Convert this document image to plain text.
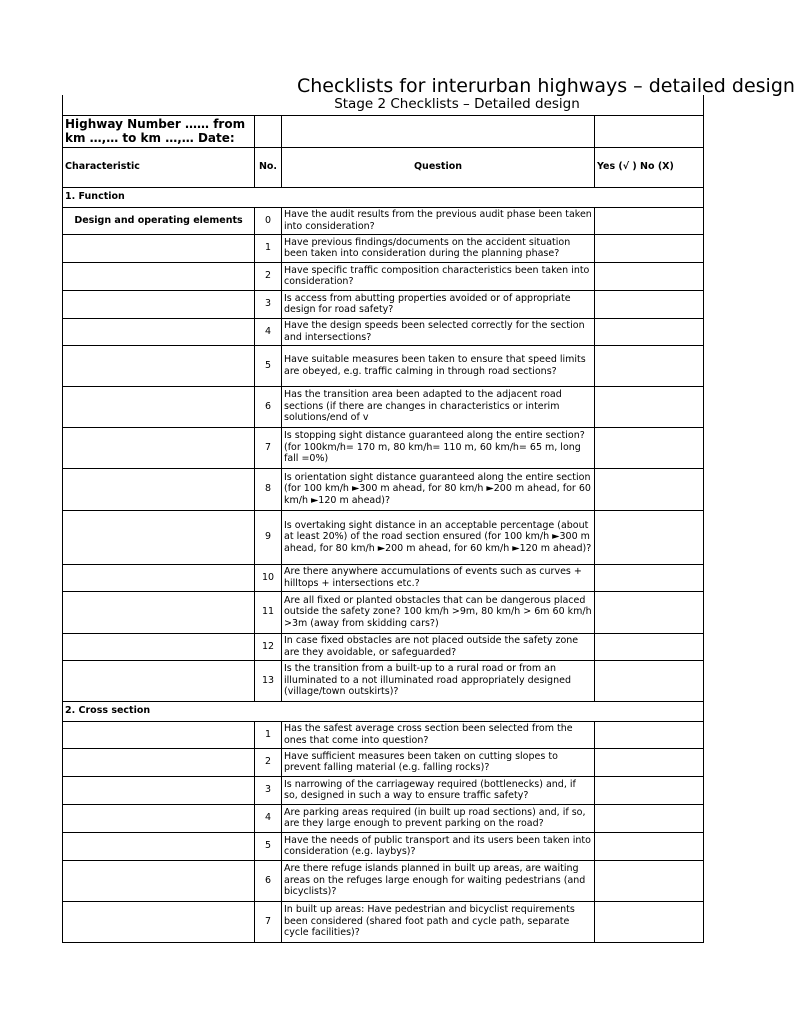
Checklists for interurban highways – detailed design
Stage 2 Checklists – Detailed design			
Highway Number …… from km …,… to km …,… Date:			
Characteristic	No.	Question	Yes (√ ) No (X)
1. Function			
Design and operating elements	0	Have the audit results from the previous audit phase been taken into consideration?	
	1	Have previous findings/documents on the accident situation been taken into consideration during the planning phase?	
	2	Have specific traffic composition characteristics been taken into consideration?	
	3	Is access from abutting properties avoided or of appropriate design for road safety?	
	4	Have the design speeds been selected correctly for the section and intersections?	
	5	Have suitable measures been taken to ensure that speed limits are obeyed, e.g. traffic calming in through road sections?	
	6	Has the transition area been adapted to the adjacent road sections (if there are changes in characteristics or interim solutions/end of v	
	7	Is stopping sight distance guaranteed along the entire section? (for 100km/h= 170 m, 80 km/h= 110 m, 60 km/h= 65 m, long fall =0%)	
	8	Is orientation sight distance guaranteed along the entire section (for 100 km/h ►300 m ahead, for 80 km/h ►200 m ahead, for 60 km/h ►120 m ahead)?	
	9	Is overtaking sight distance in an acceptable percentage (about at least 20%) of the road section ensured (for 100 km/h ►300 m ahead, for 80 km/h ►200 m ahead, for 60 km/h ►120 m ahead)?	
	10	Are there anywhere accumulations of events such as curves + hilltops + intersections etc.?	
	11	Are all fixed or planted obstacles that can be dangerous placed outside the safety zone? 100 km/h >9m, 80 km/h > 6m 60 km/h >3m (away from skidding cars?)	
	12	In case fixed obstacles are not placed outside the safety zone are they avoidable, or safeguarded?	
	13	Is the transition from a built-up to a rural road or from an illuminated to a not illuminated road appropriately designed (village/town outskirts)?	
2. Cross section			
	1	Has the safest average cross section been selected from the ones that come into question?	
	2	Have sufficient measures been taken on cutting slopes to prevent falling material (e.g. falling rocks)?	
	3	Is narrowing of the carriageway required (bottlenecks) and, if so, designed in such a way to ensure traffic safety?	
	4	Are parking areas required (in built up road sections) and, if so, are they large enough to prevent parking on the road?	
	5	Have the needs of public transport and its users been taken into consideration (e.g. laybys)?	
	6	Are there refuge islands planned in built up areas, are waiting areas on the refuges large enough for waiting pedestrians (and bicyclists)?	
	7	In built up areas: Have pedestrian and bicyclist requirements been considered (shared foot path and cycle path, separate cycle facilities)?	
